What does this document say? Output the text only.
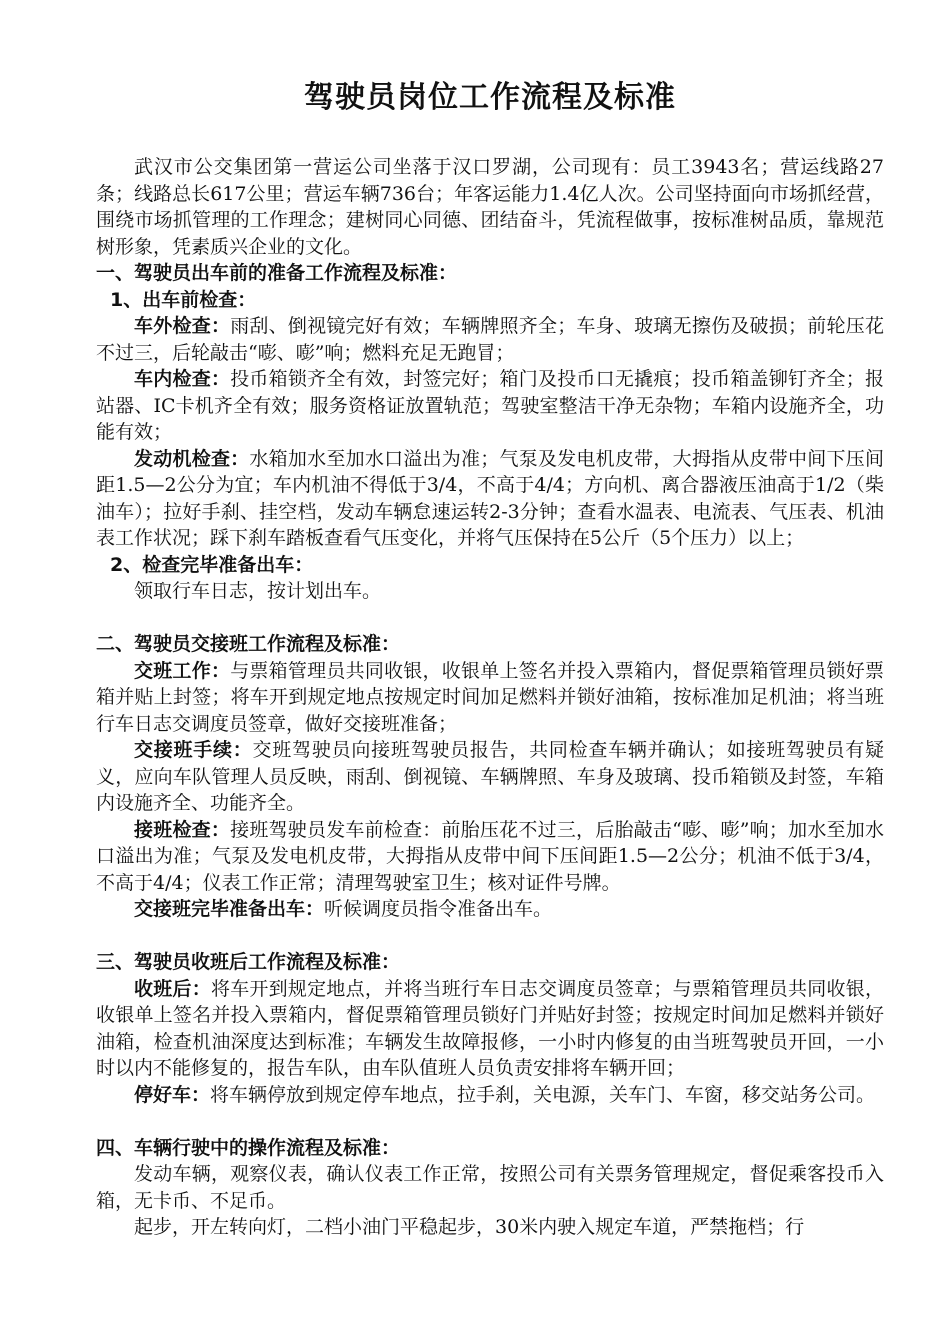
驾驶员岗位工作流程及标准

武汉市公交集团第一营运公司坐落于汉口罗湖，公司现有：员工3943名；营运线路27条；线路总长617公里；营运车辆736台；年客运能力1.4亿人次。公司坚持面向市场抓经营，围绕市场抓管理的工作理念；建树同心同德、团结奋斗，凭流程做事，按标准树品质，靠规范树形象，凭素质兴企业的文化。

一、驾驶员出车前的准备工作流程及标准：

1、出车前检查：

车外检查：雨刮、倒视镜完好有效；车辆牌照齐全；车身、玻璃无擦伤及破损；前轮压花不过三，后轮敲击“嘭、嘭”响；燃料充足无跑冒；

车内检查：投币箱锁齐全有效，封签完好；箱门及投币口无撬痕；投币箱盖铆钉齐全；报站器、IC卡机齐全有效；服务资格证放置轨范；驾驶室整洁干净无杂物；车箱内设施齐全，功能有效；

发动机检查：水箱加水至加水口溢出为准；气泵及发电机皮带，大拇指从皮带中间下压间距1.5—2公分为宜；车内机油不得低于3/4，不高于4/4；方向机、离合器液压油高于1/2（柴油车）；拉好手刹、挂空档，发动车辆怠速运转2-3分钟；查看水温表、电流表、气压表、机油表工作状况；踩下刹车踏板查看气压变化，并将气压保持在5公斤（5个压力）以上；

2、检查完毕准备出车：

领取行车日志，按计划出车。

二、驾驶员交接班工作流程及标准：

交班工作：与票箱管理员共同收银，收银单上签名并投入票箱内，督促票箱管理员锁好票箱并贴上封签；将车开到规定地点按规定时间加足燃料并锁好油箱，按标准加足机油；将当班行车日志交调度员签章，做好交接班准备；

交接班手续：交班驾驶员向接班驾驶员报告，共同检查车辆并确认；如接班驾驶员有疑义，应向车队管理人员反映，雨刮、倒视镜、车辆牌照、车身及玻璃、投币箱锁及封签，车箱内设施齐全、功能齐全。

接班检查：接班驾驶员发车前检查：前胎压花不过三，后胎敲击“嘭、嘭”响；加水至加水口溢出为准；气泵及发电机皮带，大拇指从皮带中间下压间距1.5—2公分；机油不低于3/4，不高于4/4；仪表工作正常；清理驾驶室卫生；核对证件号牌。

交接班完毕准备出车：听候调度员指令准备出车。

三、驾驶员收班后工作流程及标准：

收班后：将车开到规定地点，并将当班行车日志交调度员签章；与票箱管理员共同收银，收银单上签名并投入票箱内，督促票箱管理员锁好门并贴好封签；按规定时间加足燃料并锁好油箱，检查机油深度达到标准；车辆发生故障报修，一小时内修复的由当班驾驶员开回，一小时以内不能修复的，报告车队，由车队值班人员负责安排将车辆开回；

停好车：将车辆停放到规定停车地点，拉手刹，关电源，关车门、车窗，移交站务公司。

四、车辆行驶中的操作流程及标准：

发动车辆，观察仪表，确认仪表工作正常，按照公司有关票务管理规定，督促乘客投币入箱，无卡币、不足币。

起步，开左转向灯，二档小油门平稳起步，30米内驶入规定车道，严禁拖档；行
